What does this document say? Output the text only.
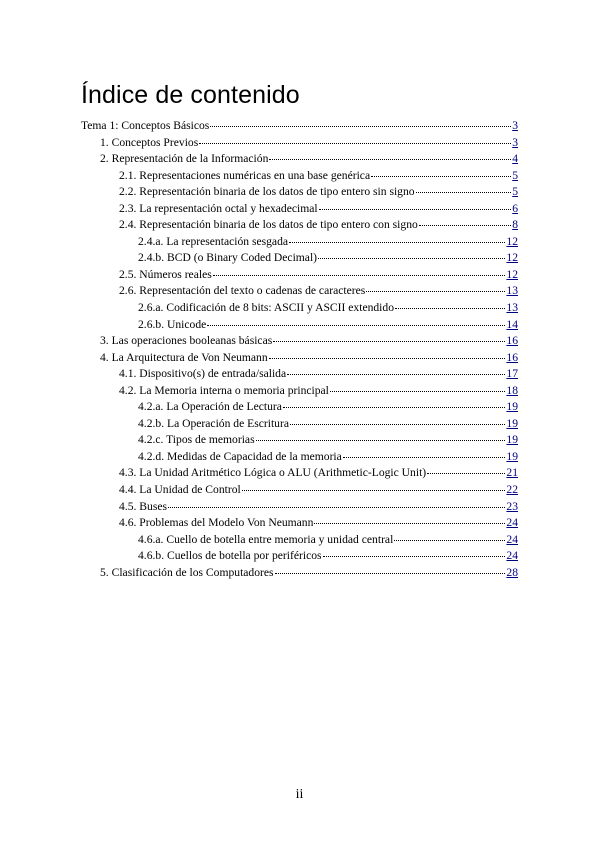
Índice de contenido
Tema 1: Conceptos Básicos	3
1. Conceptos Previos	3
2. Representación de la Información	4
2.1. Representaciones numéricas en una base genérica	5
2.2. Representación binaria de los datos de tipo entero sin signo	5
2.3. La representación octal y hexadecimal	6
2.4. Representación binaria de los datos de tipo entero con signo	8
2.4.a. La representación sesgada	12
2.4.b. BCD (o Binary Coded Decimal)	12
2.5. Números reales	12
2.6. Representación del texto o cadenas de caracteres	13
2.6.a. Codificación de 8 bits: ASCII y ASCII extendido	13
2.6.b. Unicode	14
3. Las operaciones booleanas básicas	16
4. La Arquitectura de Von Neumann	16
4.1. Dispositivo(s) de entrada/salida	17
4.2. La Memoria interna o memoria principal	18
4.2.a. La Operación de Lectura	19
4.2.b. La Operación de Escritura	19
4.2.c. Tipos de memorias	19
4.2.d. Medidas de Capacidad de la memoria	19
4.3. La Unidad Aritmético Lógica o ALU (Arithmetic-Logic Unit)	21
4.4. La Unidad de Control	22
4.5. Buses	23
4.6. Problemas del Modelo Von Neumann	24
4.6.a. Cuello de botella entre memoria y unidad central	24
4.6.b. Cuellos de botella por periféricos	24
5. Clasificación de los Computadores	28
ii
